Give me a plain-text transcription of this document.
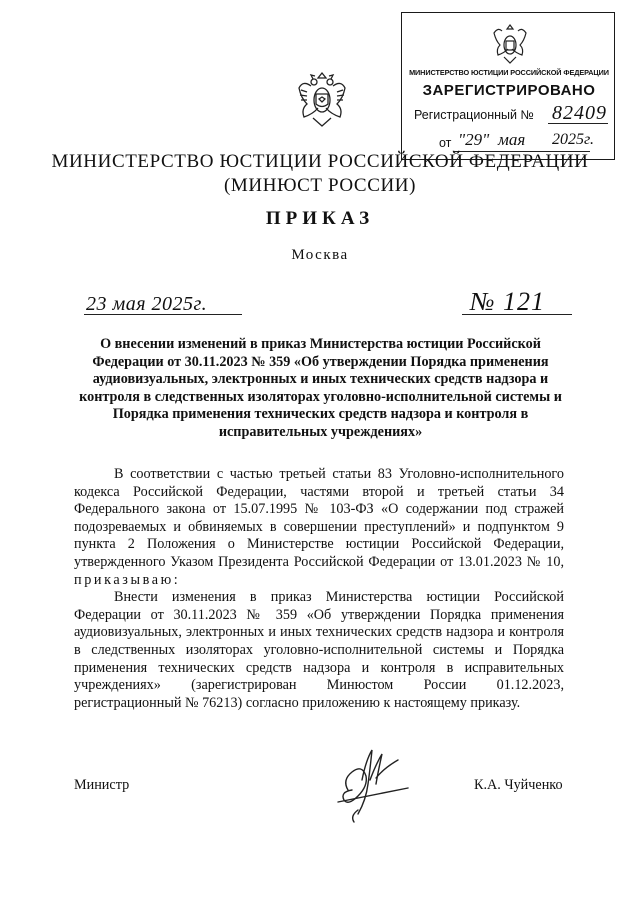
МИНИСТЕРСТВО ЮСТИЦИИ РОССИЙСКОЙ ФЕДЕРАЦИИ
ЗАРЕГИСТРИРОВАНО
Регистрационный № 82409
от "29" мая 2025г.
МИНИСТЕРСТВО ЮСТИЦИИ РОССИЙСКОЙ ФЕДЕРАЦИИ
(МИНЮСТ РОССИИ)
ПРИКАЗ
Москва
23 мая 2025г.	№ 121
О внесении изменений в приказ Министерства юстиции Российской Федерации от 30.11.2023 № 359 «Об утверждении Порядка применения аудиовизуальных, электронных и иных технических средств надзора и контроля в следственных изоляторах уголовно-исполнительной системы и Порядка применения технических средств надзора и контроля в исправительных учреждениях»

В соответствии с частью третьей статьи 83 Уголовно-исполнительного кодекса Российской Федерации, частями второй и третьей статьи 34 Федерального закона от 15.07.1995 № 103-ФЗ «О содержании под стражей подозреваемых и обвиняемых в совершении преступлений» и подпунктом 9 пункта 2 Положения о Министерстве юстиции Российской Федерации, утвержденного Указом Президента Российской Федерации от 13.01.2023 № 10, приказываю:

Внести изменения в приказ Министерства юстиции Российской Федерации от 30.11.2023 № 359 «Об утверждении Порядка применения аудиовизуальных, электронных и иных технических средств надзора и контроля в следственных изоляторах уголовно-исполнительной системы и Порядка применения технических средств надзора и контроля в исправительных учреждениях» (зарегистрирован Минюстом России 01.12.2023, регистрационный № 76213) согласно приложению к настоящему приказу.

Министр	К.А. Чуйченко
